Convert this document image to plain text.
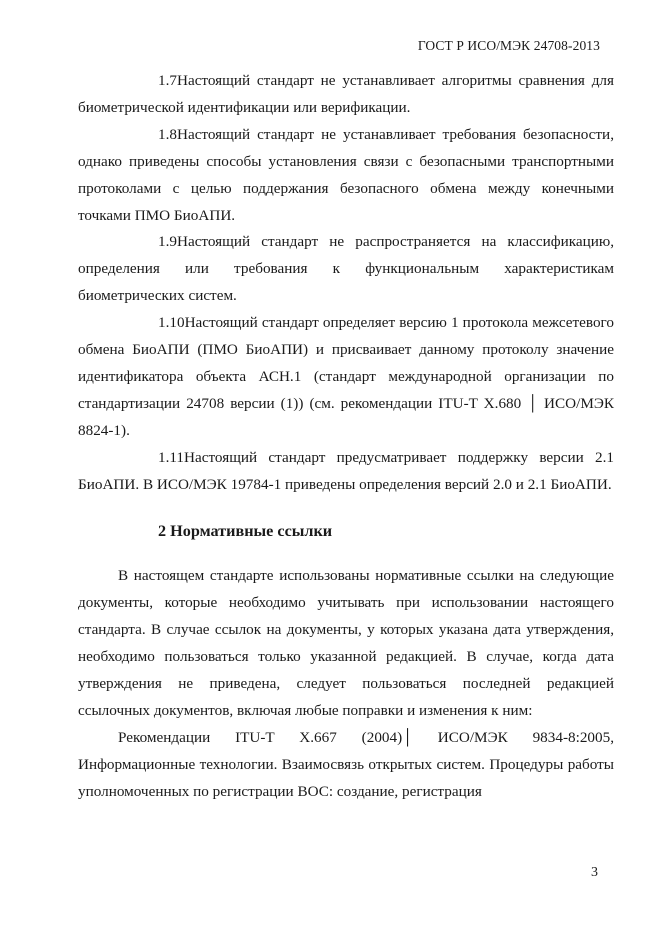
ГОСТ Р ИСО/МЭК 24708-2013

1.7Настоящий стандарт не устанавливает алгоритмы сравнения для биометрической идентификации или верификации.

1.8Настоящий стандарт не устанавливает требования безопасности, однако приведены способы установления связи с безопасными транспортными протоколами с целью поддержания безопасного обмена между конечными точками ПМО БиоАПИ.

1.9Настоящий стандарт не распространяется на классификацию, определения или требования к функциональным характеристикам биометрических систем.

1.10Настоящий стандарт определяет версию 1 протокола межсетевого обмена БиоАПИ (ПМО БиоАПИ) и присваивает данному протоколу значение идентификатора объекта АСН.1 (стандарт международной организации по стандартизации 24708 версии (1)) (см. рекомендации ITU-T X.680 │ ИСО/МЭК 8824-1).

1.11Настоящий стандарт предусматривает поддержку версии 2.1 БиоАПИ. В ИСО/МЭК 19784-1 приведены определения версий 2.0 и 2.1 БиоАПИ.

2 Нормативные ссылки

В настоящем стандарте использованы нормативные ссылки на следующие документы, которые необходимо учитывать при использовании настоящего стандарта. В случае ссылок на документы, у которых указана дата утверждения, необходимо пользоваться только указанной редакцией. В случае, когда дата утверждения не приведена, следует пользоваться последней редакцией ссылочных документов, включая любые поправки и изменения к ним:

Рекомендации ITU-T X.667 (2004)│ ИСО/МЭК 9834-8:2005, Информационные технологии. Взаимосвязь открытых систем. Процедуры работы уполномоченных по регистрации ВОС: создание, регистрация

3
